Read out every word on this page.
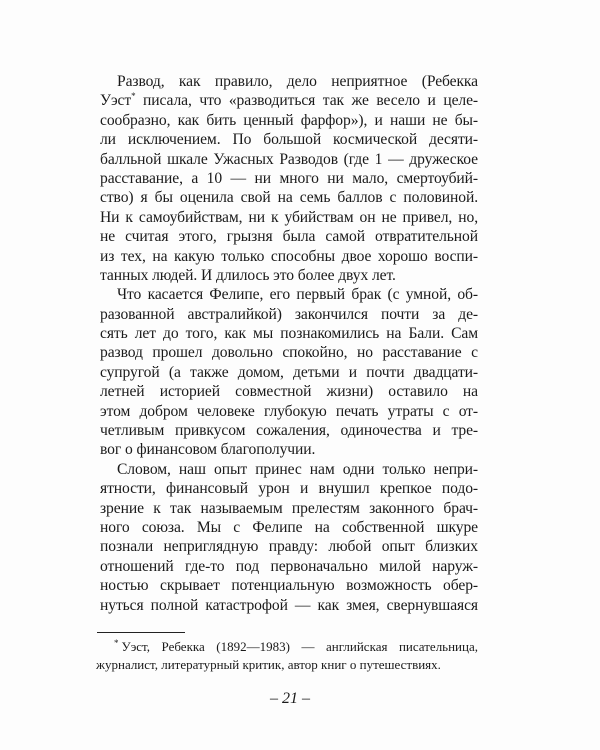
Развод, как правило, дело неприятное (Ребекка
Уэст* писала, что «разводиться так же весело и целе-
сообразно, как бить ценный фарфор»), и наши не бы-
ли исключением. По большой космической десяти-
балльной шкале Ужасных Разводов (где 1 — дружеское
расставание, а 10 — ни много ни мало, смертоубий-
ство) я бы оценила свой на семь баллов с половиной.
Ни к самоубийствам, ни к убийствам он не привел, но,
не считая этого, грызня была самой отвратительной
из тех, на какую только способны двое хорошо воспи-
танных людей. И длилось это более двух лет.
Что касается Фелипе, его первый брак (с умной, об-
разованной австралийкой) закончился почти за де-
сять лет до того, как мы познакомились на Бали. Сам
развод прошел довольно спокойно, но расставание с
супругой (а также домом, детьми и почти двадцати-
летней историей совместной жизни) оставило на
этом добром человеке глубокую печать утраты с от-
четливым привкусом сожаления, одиночества и тре-
вог о финансовом благополучии.
Словом, наш опыт принес нам одни только непри-
ятности, финансовый урон и внушил крепкое подо-
зрение к так называемым прелестям законного брач-
ного союза. Мы с Фелипе на собственной шкуре
познали неприглядную правду: любой опыт близких
отношений где-то под первоначально милой наруж-
ностью скрывает потенциальную возможность обер-
нуться полной катастрофой — как змея, свернувшаяся
* Уэст, Ребекка (1892—1983) — английская писательница,
журналист, литературный критик, автор книг о путешествиях.
– 21 –
